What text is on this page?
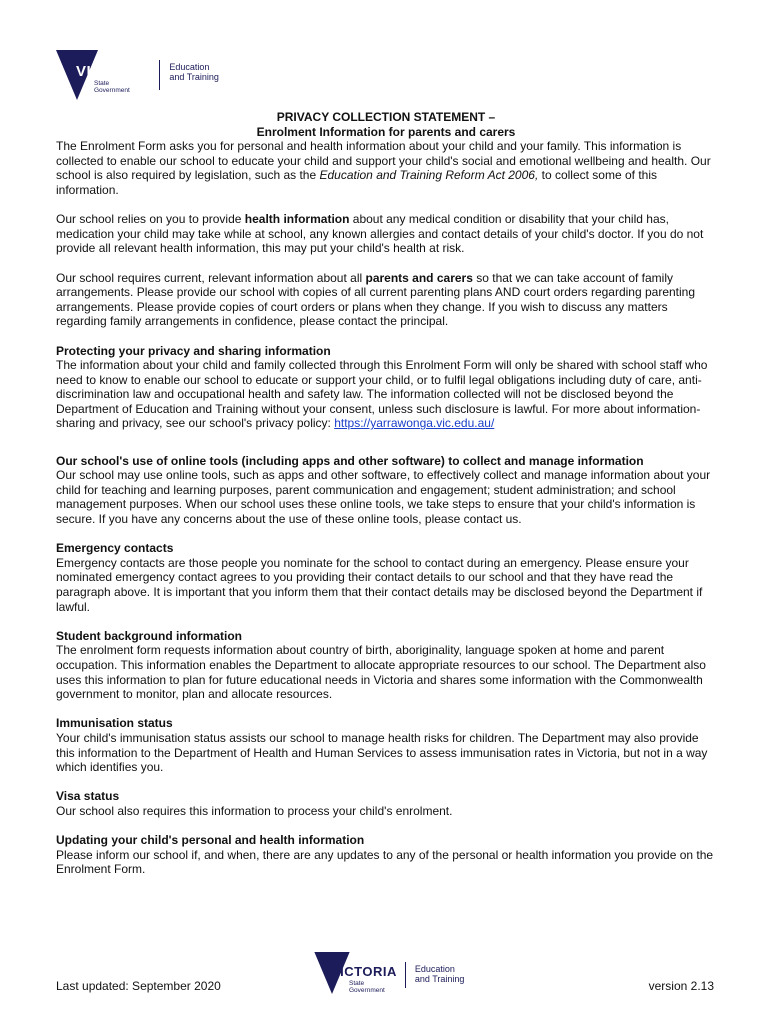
VICTORIA
State
Government
Education
and Training
PRIVACY COLLECTION STATEMENT –
Enrolment Information for parents and carers

The Enrolment Form asks you for personal and health information about your child and your family. This information is collected to enable our school to educate your child and support your child's social and emotional wellbeing and health. Our school is also required by legislation, such as the Education and Training Reform Act 2006, to collect some of this information.

Our school relies on you to provide health information about any medical condition or disability that your child has, medication your child may take while at school, any known allergies and contact details of your child's doctor. If you do not provide all relevant health information, this may put your child's health at risk.

Our school requires current, relevant information about all parents and carers so that we can take account of family arrangements. Please provide our school with copies of all current parenting plans AND court orders regarding parenting arrangements. Please provide copies of court orders or plans when they change. If you wish to discuss any matters regarding family arrangements in confidence, please contact the principal.

Protecting your privacy and sharing information

The information about your child and family collected through this Enrolment Form will only be shared with school staff who need to know to enable our school to educate or support your child, or to fulfil legal obligations including duty of care, anti-discrimination law and occupational health and safety law. The information collected will not be disclosed beyond the Department of Education and Training without your consent, unless such disclosure is lawful. For more about information-sharing and privacy, see our school's privacy policy: https://yarrawonga.vic.edu.au/

Our school's use of online tools (including apps and other software) to collect and manage information

Our school may use online tools, such as apps and other software, to effectively collect and manage information about your child for teaching and learning purposes, parent communication and engagement; student administration; and school management purposes. When our school uses these online tools, we take steps to ensure that your child's information is secure. If you have any concerns about the use of these online tools, please contact us.

Emergency contacts

Emergency contacts are those people you nominate for the school to contact during an emergency. Please ensure your nominated emergency contact agrees to you providing their contact details to our school and that they have read the paragraph above. It is important that you inform them that their contact details may be disclosed beyond the Department if lawful.

Student background information

The enrolment form requests information about country of birth, aboriginality, language spoken at home and parent occupation. This information enables the Department to allocate appropriate resources to our school. The Department also uses this information to plan for future educational needs in Victoria and shares some information with the Commonwealth government to monitor, plan and allocate resources.

Immunisation status

Your child's immunisation status assists our school to manage health risks for children. The Department may also provide this information to the Department of Health and Human Services to assess immunisation rates in Victoria, but not in a way which identifies you.

Visa status

Our school also requires this information to process your child's enrolment.

Updating your child's personal and health information

Please inform our school if, and when, there are any updates to any of the personal or health information you provide on the Enrolment Form.

VICTORIA
State
Government
Education
and Training
Last updated: September 2020	version 2.13
